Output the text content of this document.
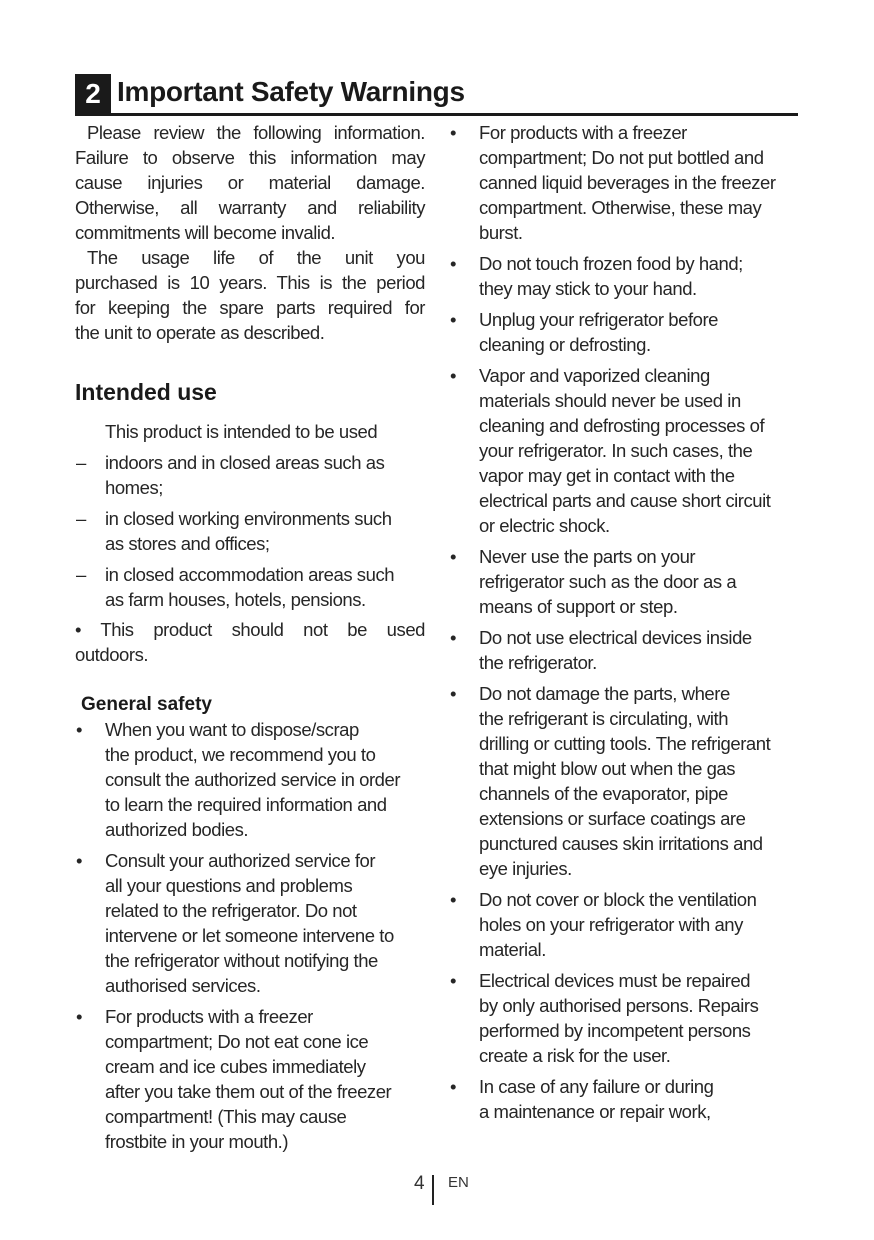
2 Important Safety Warnings
Please review the following information.
Failure to observe this information may
cause injuries or material damage.
Otherwise, all warranty and reliability
commitments will become invalid.
The usage life of the unit you
purchased is 10 years. This is the period
for keeping the spare parts required for
the unit to operate as described.
Intended use
This product is intended to be used
– indoors and in closed areas such as
homes;
– in closed working environments such
as stores and offices;
– in closed accommodation areas such
as farm houses, hotels, pensions.
• This product should not be used
outdoors.
General safety
• When you want to dispose/scrap
the product, we recommend you to
consult the authorized service in order
to learn the required information and
authorized bodies.
• Consult your authorized service for
all your questions and problems
related to the refrigerator. Do not
intervene or let someone intervene to
the refrigerator without notifying the
authorised services.
• For products with a freezer
compartment; Do not eat cone ice
cream and ice cubes immediately
after you take them out of the freezer
compartment! (This may cause
frostbite in your mouth.)
• For products with a freezer
compartment; Do not put bottled and
canned liquid beverages in the freezer
compartment. Otherwise, these may
burst.
• Do not touch frozen food by hand;
they may stick to your hand.
• Unplug your refrigerator before
cleaning or defrosting.
• Vapor and vaporized cleaning
materials should never be used in
cleaning and defrosting processes of
your refrigerator. In such cases, the
vapor may get in contact with the
electrical parts and cause short circuit
or electric shock.
• Never use the parts on your
refrigerator such as the door as a
means of support or step.
• Do not use electrical devices inside
the refrigerator.
• Do not damage the parts, where
the refrigerant is circulating, with
drilling or cutting tools. The refrigerant
that might blow out when the gas
channels of the evaporator, pipe
extensions or surface coatings are
punctured causes skin irritations and
eye injuries.
• Do not cover or block the ventilation
holes on your refrigerator with any
material.
• Electrical devices must be repaired
by only authorised persons. Repairs
performed by incompetent persons
create a risk for the user.
• In case of any failure or during
a maintenance or repair work,
4 EN
